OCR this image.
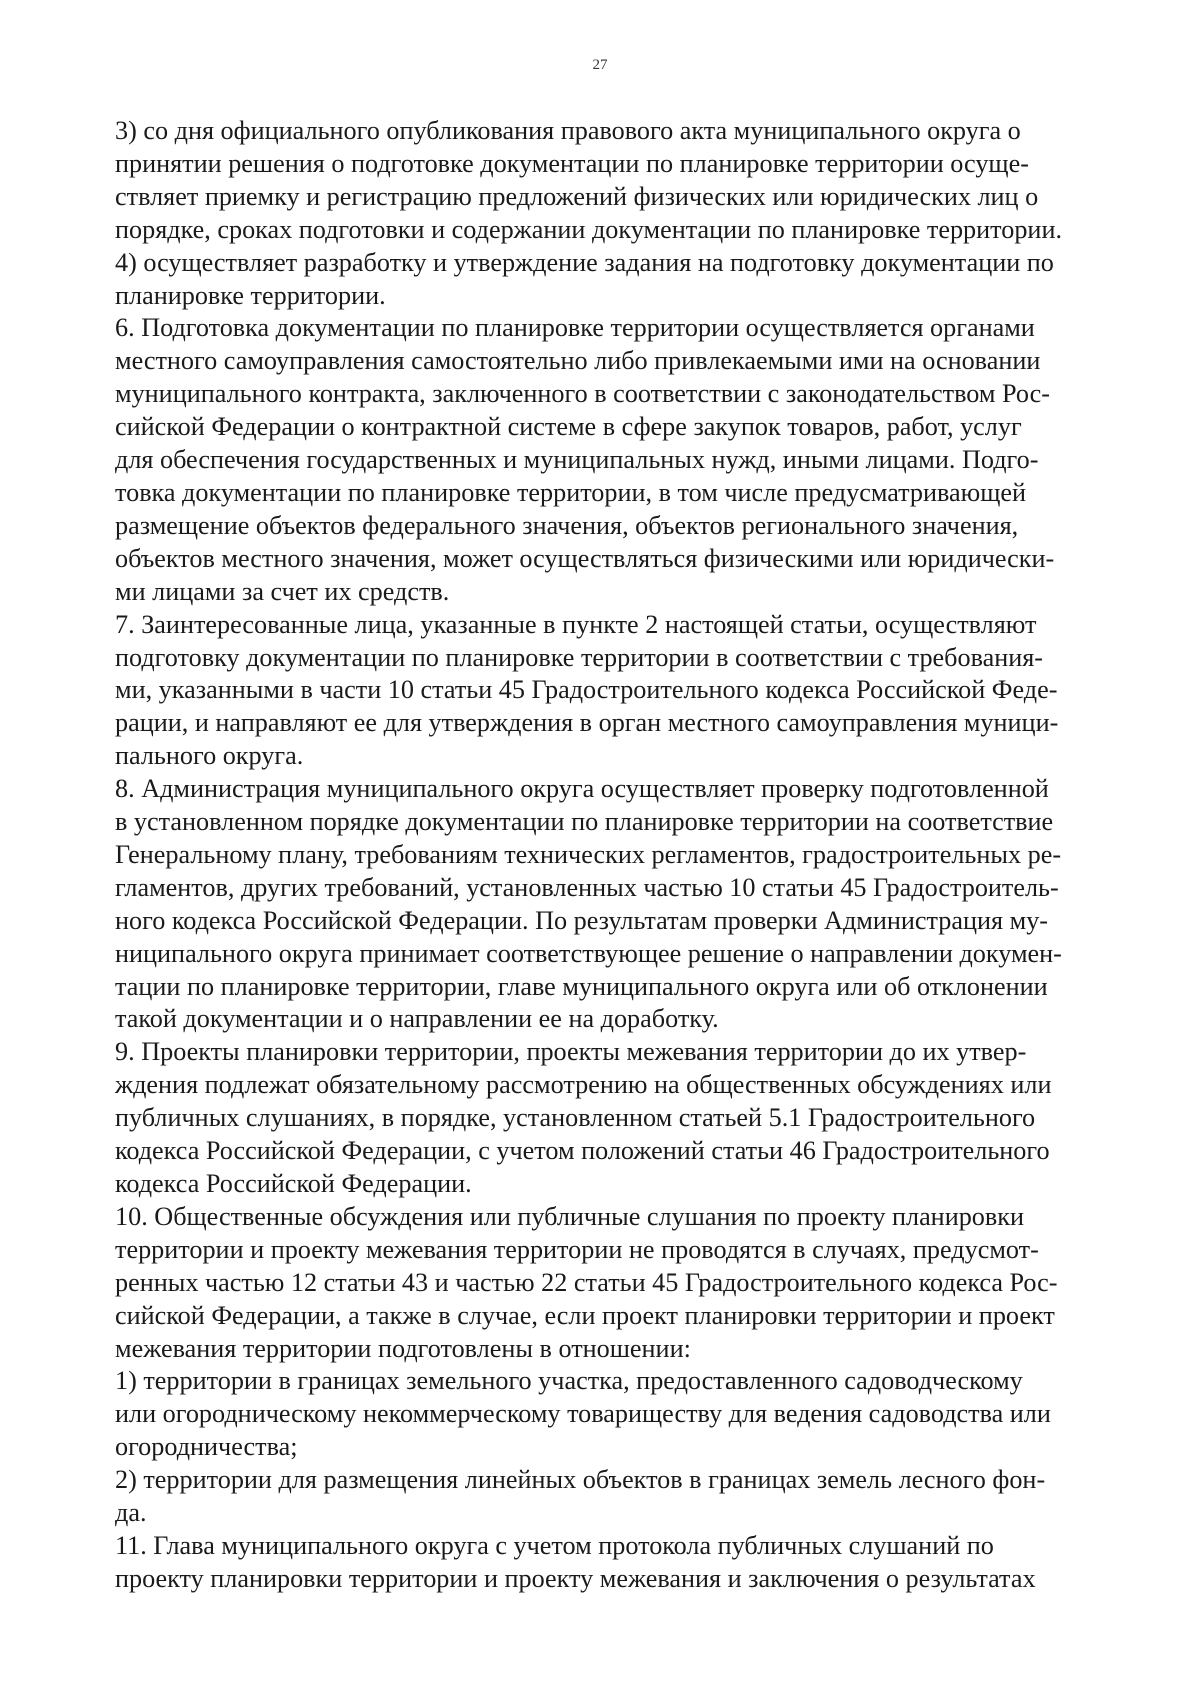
27

3) со дня официального опубликования правового акта муниципального округа о
принятии решения о подготовке документации по планировке территории осуще-
ствляет приемку и регистрацию предложений физических или юридических лиц о
порядке, сроках подготовки и содержании документации по планировке территории.

4) осуществляет разработку и утверждение задания на подготовку документации по
планировке территории.

6. Подготовка документации по планировке территории осуществляется органами
местного самоуправления самостоятельно либо привлекаемыми ими на основании
муниципального контракта, заключенного в соответствии с законодательством Рос-
сийской Федерации о контрактной системе в сфере закупок товаров, работ, услуг
для обеспечения государственных и муниципальных нужд, иными лицами. Подго-
товка документации по планировке территории, в том числе предусматривающей
размещение объектов федерального значения, объектов регионального значения,
объектов местного значения, может осуществляться физическими или юридически-
ми лицами за счет их средств.

7. Заинтересованные лица, указанные в пункте 2 настоящей статьи, осуществляют
подготовку документации по планировке территории в соответствии с требования-
ми, указанными в части 10 статьи 45 Градостроительного кодекса Российской Феде-
рации, и направляют ее для утверждения в орган местного самоуправления муници-
пального округа.

8. Администрация муниципального округа осуществляет проверку подготовленной
в установленном порядке документации по планировке территории на соответствие
Генеральному плану, требованиям технических регламентов, градостроительных ре-
гламентов, других требований, установленных частью 10 статьи 45 Градостроитель-
ного кодекса Российской Федерации. По результатам проверки Администрация му-
ниципального округа принимает соответствующее решение о направлении докумен-
тации по планировке территории, главе муниципального округа или об отклонении
такой документации и о направлении ее на доработку.

9. Проекты планировки территории, проекты межевания территории до их утвер-
ждения подлежат обязательному рассмотрению на общественных обсуждениях или
публичных слушаниях, в порядке, установленном статьей 5.1 Градостроительного
кодекса Российской Федерации, с учетом положений статьи 46 Градостроительного
кодекса Российской Федерации.

10. Общественные обсуждения или публичные слушания по проекту планировки
территории и проекту межевания территории не проводятся в случаях, предусмот-
ренных частью 12 статьи 43 и частью 22 статьи 45 Градостроительного кодекса Рос-
сийской Федерации, а также в случае, если проект планировки территории и проект
межевания территории подготовлены в отношении:

1) территории в границах земельного участка, предоставленного садоводческому
или огородническому некоммерческому товариществу для ведения садоводства или
огородничества;

2) территории для размещения линейных объектов в границах земель лесного фон-
да.

11. Глава муниципального округа с учетом протокола публичных слушаний по
проекту планировки территории и проекту межевания и заключения о результатах
